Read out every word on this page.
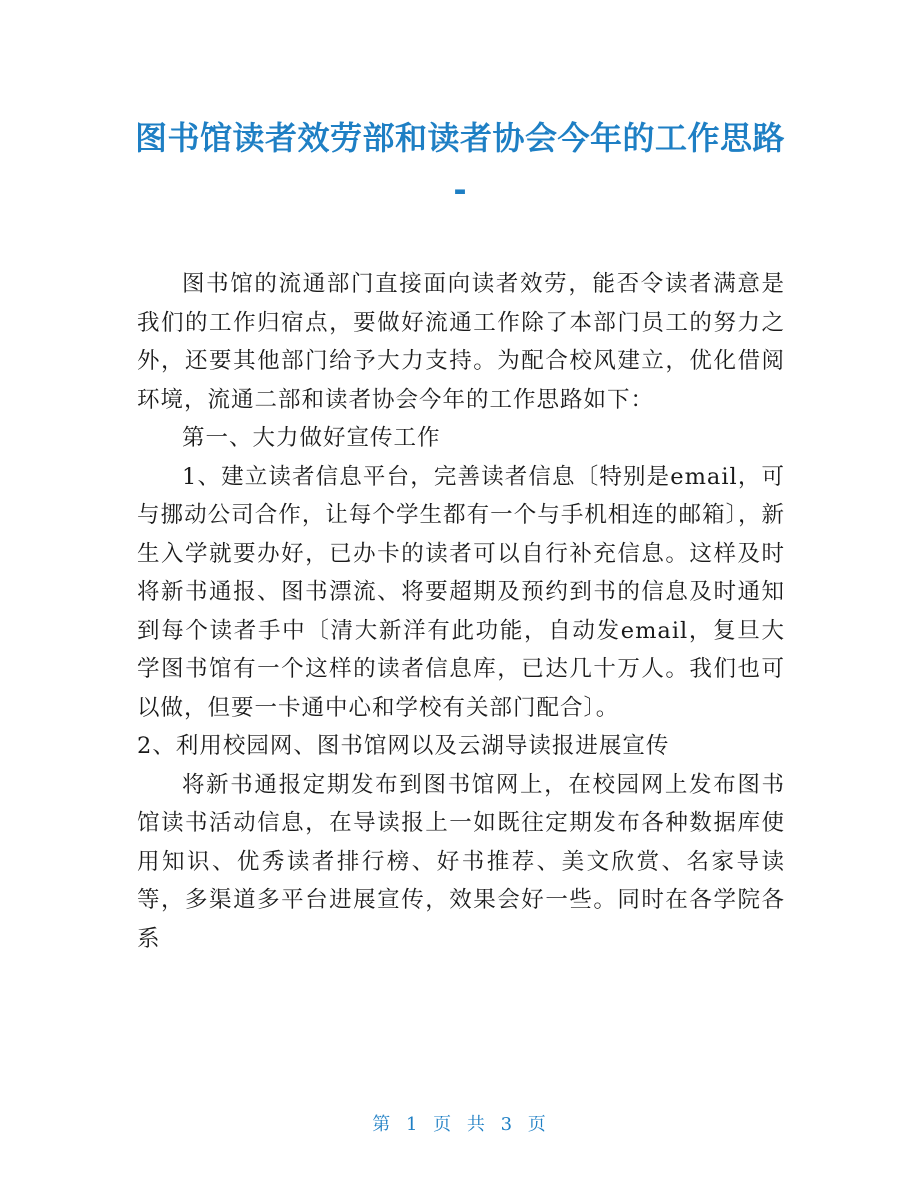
图书馆读者效劳部和读者协会今年的工作思路
-

图书馆的流通部门直接面向读者效劳，能否令读者满意是我们的工作归宿点，要做好流通工作除了本部门员工的努力之外，还要其他部门给予大力支持。为配合校风建立，优化借阅环境，流通二部和读者协会今年的工作思路如下：

第一、大力做好宣传工作

1、建立读者信息平台，完善读者信息〔特别是email，可与挪动公司合作，让每个学生都有一个与手机相连的邮箱〕，新生入学就要办好，已办卡的读者可以自行补充信息。这样及时将新书通报、图书漂流、将要超期及预约到书的信息及时通知到每个读者手中〔清大新洋有此功能，自动发email，复旦大学图书馆有一个这样的读者信息库，已达几十万人。我们也可以做，但要一卡通中心和学校有关部门配合〕。

2、利用校园网、图书馆网以及云湖导读报进展宣传

将新书通报定期发布到图书馆网上，在校园网上发布图书馆读书活动信息，在导读报上一如既往定期发布各种数据库使用知识、优秀读者排行榜、好书推荐、美文欣赏、名家导读等，多渠道多平台进展宣传，效果会好一些。同时在各学院各系

第 1 页 共 3 页
